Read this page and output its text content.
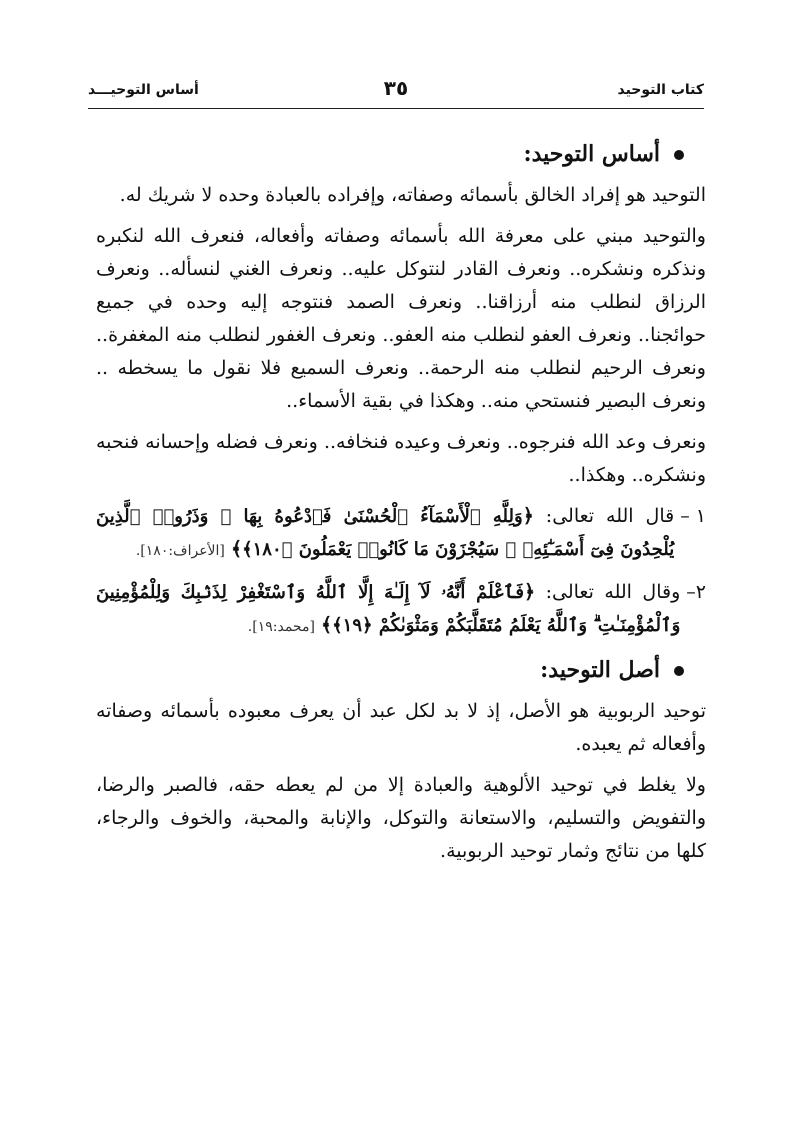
كتاب التوحيد
٣٥
أساس التوحيـــد
أساس التوحيد:

التوحيد هو إفراد الخالق بأسمائه وصفاته، وإفراده بالعبادة وحده لا شريك له.

والتوحيد مبني على معرفة الله بأسمائه وصفاته وأفعاله، فنعرف الله لنكبره ونذكره ونشكره.. ونعرف القادر لنتوكل عليه.. ونعرف الغني لنسأله.. ونعرف الرزاق لنطلب منه أرزاقنا.. ونعرف الصمد فنتوجه إليه وحده في جميع حوائجنا.. ونعرف العفو لنطلب منه العفو.. ونعرف الغفور لنطلب منه المغفرة.. ونعرف الرحيم لنطلب منه الرحمة.. ونعرف السميع فلا نقول ما يسخطه .. ونعرف البصير فنستحي منه.. وهكذا في بقية الأسماء..

ونعرف وعد الله فنرجوه.. ونعرف وعيده فنخافه.. ونعرف فضله وإحسانه فنحبه ونشكره.. وهكذا..

١ –
قال الله تعالى: ﴿وَلِلَّهِ ٱلْأَسْمَآءُ ٱلْحُسْنَىٰ فَٱدْعُوهُ بِهَا ۖ وَذَرُوا۟ ٱلَّذِينَ يُلْحِدُونَ فِىٓ أَسْمَـٰٓئِهِۦ ۚ سَيُجْزَوْنَ مَا كَانُوا۟ يَعْمَلُونَ ﴿١٨٠﴾﴾ [الأعراف:١٨٠].
٢–
وقال الله تعالى: ﴿فَٱعْلَمْ أَنَّهُۥ لَآ إِلَـٰهَ إِلَّا ٱللَّهُ وَٱسْتَغْفِرْ لِذَنۢبِكَ وَلِلْمُؤْمِنِينَ وَٱلْمُؤْمِنَـٰتِ ۗ وَٱللَّهُ يَعْلَمُ مُتَقَلَّبَكُمْ وَمَثْوَىٰكُمْ ﴿١٩﴾﴾ [محمد:١٩].
أصل التوحيد:

توحيد الربوبية هو الأصل، إذ لا بد لكل عبد أن يعرف معبوده بأسمائه وصفاته وأفعاله ثم يعبده.

ولا يغلط في توحيد الألوهية والعبادة إلا من لم يعطه حقه، فالصبر والرضا، والتفويض والتسليم، والاستعانة والتوكل، والإنابة والمحبة، والخوف والرجاء، كلها من نتائج وثمار توحيد الربوبية.
